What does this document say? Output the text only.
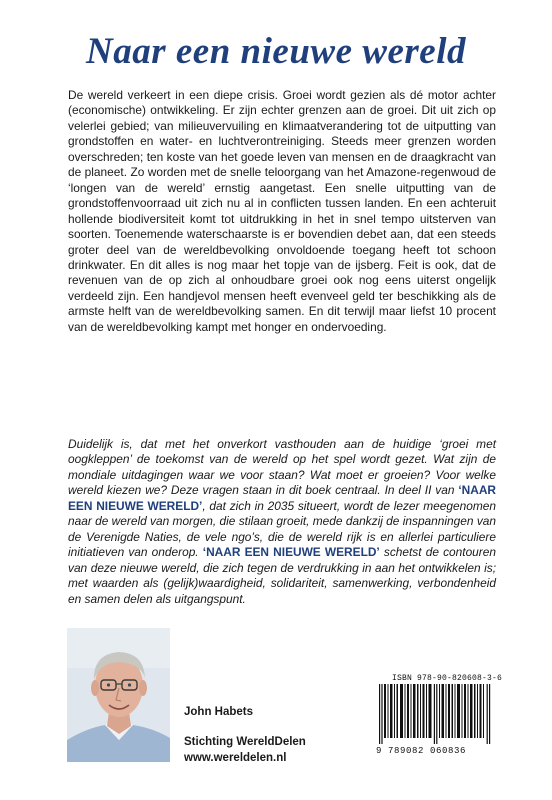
Naar een nieuwe wereld

De wereld verkeert in een diepe crisis. Groei wordt gezien als dé motor achter (economische) ontwikkeling. Er zijn echter grenzen aan de groei. Dit uit zich op velerlei gebied; van milieuvervuiling en klimaatverandering tot de uitputting van grondstoffen en water- en luchtverontreiniging. Steeds meer grenzen worden overschreden; ten koste van het goede leven van mensen en de draagkracht van de planeet. Zo worden met de snelle teloorgang van het Amazone-regenwoud de ‘longen van de wereld’ ernstig aangetast. Een snelle uitputting van de grondstoffenvoorraad uit zich nu al in conflicten tussen landen. En een achteruit hollende biodiversiteit komt tot uitdrukking in het in snel tempo uitsterven van soorten. Toenemende waterschaarste is er bovendien debet aan, dat een steeds groter deel van de wereldbevolking onvoldoende toegang heeft tot schoon drinkwater. En dit alles is nog maar het topje van de ijsberg. Feit is ook, dat de revenuen van de op zich al onhoudbare groei ook nog eens uiterst ongelijk verdeeld zijn. Een handjevol mensen heeft evenveel geld ter beschikking als de armste helft van de wereldbevolking samen. En dit terwijl maar liefst 10 procent van de wereldbevolking kampt met honger en ondervoeding.

Duidelijk is, dat met het onverkort vasthouden aan de huidige ‘groei met oogkleppen’ de toekomst van de wereld op het spel wordt gezet. Wat zijn de mondiale uitdagingen waar we voor staan? Wat moet er groeien? Voor welke wereld kiezen we? Deze vragen staan in dit boek centraal. In deel II van ‘NAAR EEN NIEUWE WERELD’, dat zich in 2035 situeert, wordt de lezer meegenomen naar de wereld van morgen, die stilaan groeit, mede dankzij de inspanningen van de Verenigde Naties, de vele ngo’s, die de wereld rijk is en allerlei particuliere initiatieven van onderop. ‘NAAR EEN NIEUWE WERELD’ schetst de contouren van deze nieuwe wereld, die zich tegen de verdrukking in aan het ontwikkelen is; met waarden als (gelijk)waardigheid, solidariteit, samenwerking, verbondenheid en samen delen als uitgangspunt.

John Habets
Stichting WereldDelen
www.wereldelen.nl
ISBN 978-90-820608-3-6
9 789082 060836
